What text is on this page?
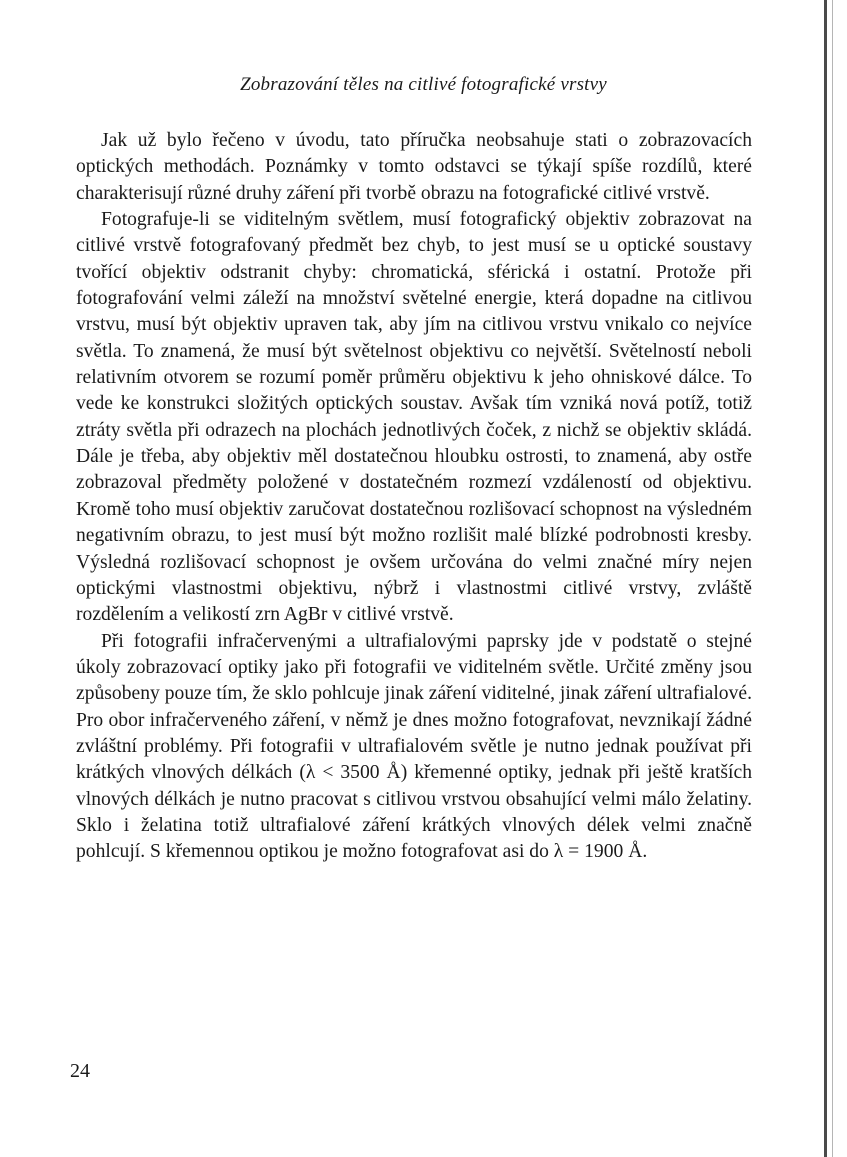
Zobrazování těles na citlivé fotografické vrstvy

Jak už bylo řečeno v úvodu, tato příručka neobsahuje stati o zobrazovacích optických methodách. Poznámky v tomto odstavci se týkají spíše rozdílů, které charakterisují různé druhy záření při tvorbě obrazu na fotografické citlivé vrstvě.

Fotografuje-li se viditelným světlem, musí fotografický objektiv zobrazovat na citlivé vrstvě fotografovaný předmět bez chyb, to jest musí se u optické soustavy tvořící objektiv odstranit chyby: chromatická, sférická i ostatní. Protože při fotografování velmi záleží na množství světelné energie, která dopadne na citlivou vrstvu, musí být objektiv upraven tak, aby jím na citlivou vrstvu vnikalo co nejvíce světla. To znamená, že musí být světelnost objektivu co největší. Světelností neboli relativním otvorem se rozumí poměr průměru objektivu k jeho ohniskové dálce. To vede ke konstrukci složitých optických soustav. Avšak tím vzniká nová potíž, totiž ztráty světla při odrazech na plochách jednotlivých čoček, z nichž se objektiv skládá. Dále je třeba, aby objektiv měl dostatečnou hloubku ostrosti, to znamená, aby ostře zobrazoval předměty položené v dostatečném rozmezí vzdáleností od objektivu. Kromě toho musí objektiv zaručovat dostatečnou rozlišovací schopnost na výsledném negativním obrazu, to jest musí být možno rozlišit malé blízké podrobnosti kresby. Výsledná rozlišovací schopnost je ovšem určována do velmi značné míry nejen optickými vlastnostmi objektivu, nýbrž i vlastnostmi citlivé vrstvy, zvláště rozdělením a velikostí zrn AgBr v citlivé vrstvě.

Při fotografii infračervenými a ultrafialovými paprsky jde v podstatě o stejné úkoly zobrazovací optiky jako při fotografii ve viditelném světle. Určité změny jsou způsobeny pouze tím, že sklo pohlcuje jinak záření viditelné, jinak záření ultrafialové. Pro obor infračerveného záření, v němž je dnes možno fotografovat, nevznikají žádné zvláštní problémy. Při fotografii v ultrafialovém světle je nutno jednak používat při krátkých vlnových délkách (λ < 3500 Å) křemenné optiky, jednak při ještě kratších vlnových délkách je nutno pracovat s citlivou vrstvou obsahující velmi málo želatiny. Sklo i želatina totiž ultrafialové záření krátkých vlnových délek velmi značně pohlcují. S křemennou optikou je možno fotografovat asi do λ = 1900 Å.

24
